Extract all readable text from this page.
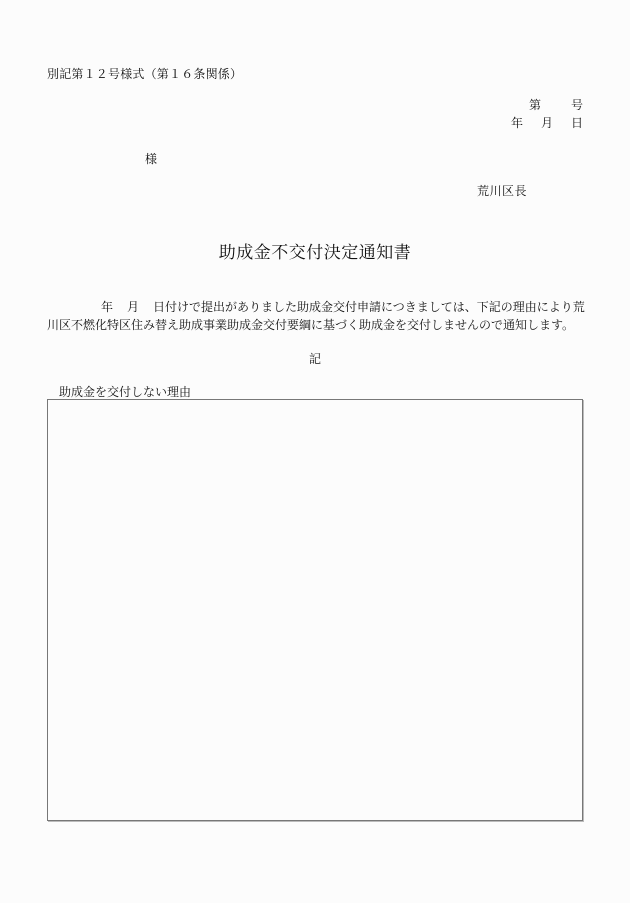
別記第１２号様式（第１６条関係）
第	号
年 月 日
様
荒川区長
助成金不交付決定通知書
年 月 日付けで提出がありました助成金交付申請につきましては、下記の理由により荒
川区不燃化特区住み替え助成事業助成金交付要綱に基づく助成金を交付しませんので通知します。
記
助成金を交付しない理由
